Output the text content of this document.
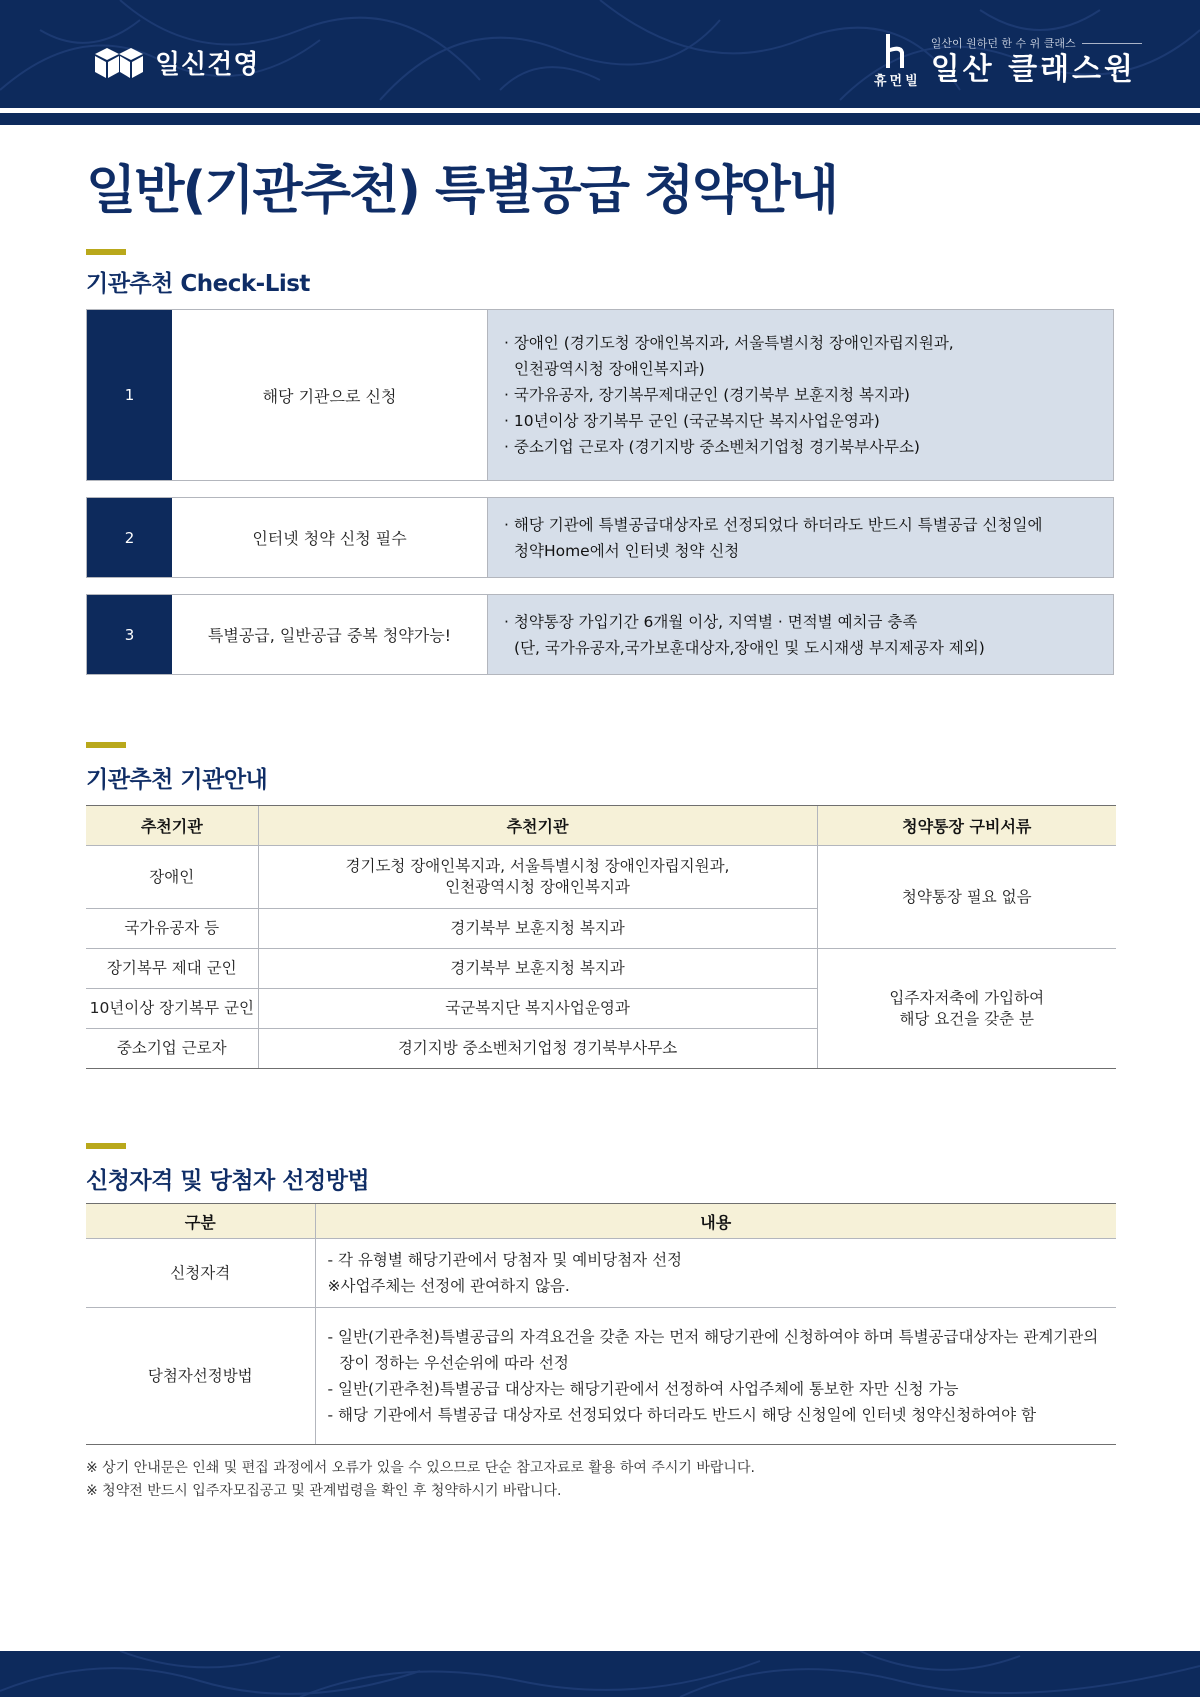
일신건영
휴먼빌
일산이 원하던 한 수 위 클래스
일산 클래스원
일반(기관추천) 특별공급 청약안내
기관추천 Check-List
1	해당 기관으로 신청
· 장애인 (경기도청 장애인복지과, 서울특별시청 장애인자립지원과,
인천광역시청 장애인복지과)
· 국가유공자, 장기복무제대군인 (경기북부 보훈지청 복지과)
· 10년이상 장기복무 군인 (국군복지단 복지사업운영과)
· 중소기업 근로자 (경기지방 중소벤처기업청 경기북부사무소)
2	인터넷 청약 신청 필수
· 해당 기관에 특별공급대상자로 선정되었다 하더라도 반드시 특별공급 신청일에
청약Home에서 인터넷 청약 신청
3	특별공급, 일반공급 중복 청약가능!
· 청약통장 가입기간 6개월 이상, 지역별 · 면적별 예치금 충족
(단, 국가유공자,국가보훈대상자,장애인 및 도시재생 부지제공자 제외)
기관추천 기관안내
추천기관	추천기관	청약통장 구비서류
장애인	경기도청 장애인복지과, 서울특별시청 장애인자립지원과,
인천광역시청 장애인복지과	청약통장 필요 없음
국가유공자 등	경기북부 보훈지청 복지과	
장기복무 제대 군인	경기북부 보훈지청 복지과	입주자저축에 가입하여
해당 요건을 갖춘 분

10년이상 장기복무 군인	국군복지단 복지사업운영과	
중소기업 근로자	경기지방 중소벤처기업청 경기북부사무소	
신청자격 및 당첨자 선정방법
구분	내용
신청자격	- 각 유형별 해당기관에서 당첨자 및 예비당첨자 선정
※사업주체는 선정에 관여하지 않음.

당첨자선정방법	- 일반(기관추천)특별공급의 자격요건을 갖춘 자는 먼저 해당기관에 신청하여야 하며 특별공급대상자는 관계기관의
장이 정하는 우선순위에 따라 선정
- 일반(기관추천)특별공급 대상자는 해당기관에서 선정하여 사업주체에 통보한 자만 신청 가능
- 해당 기관에서 특별공급 대상자로 선정되었다 하더라도 반드시 해당 신청일에 인터넷 청약신청하여야 함
※ 상기 안내문은 인쇄 및 편집 과정에서 오류가 있을 수 있으므로 단순 참고자료로 활용 하여 주시기 바랍니다.
※ 청약전 반드시 입주자모집공고 및 관계법령을 확인 후 청약하시기 바랍니다.
